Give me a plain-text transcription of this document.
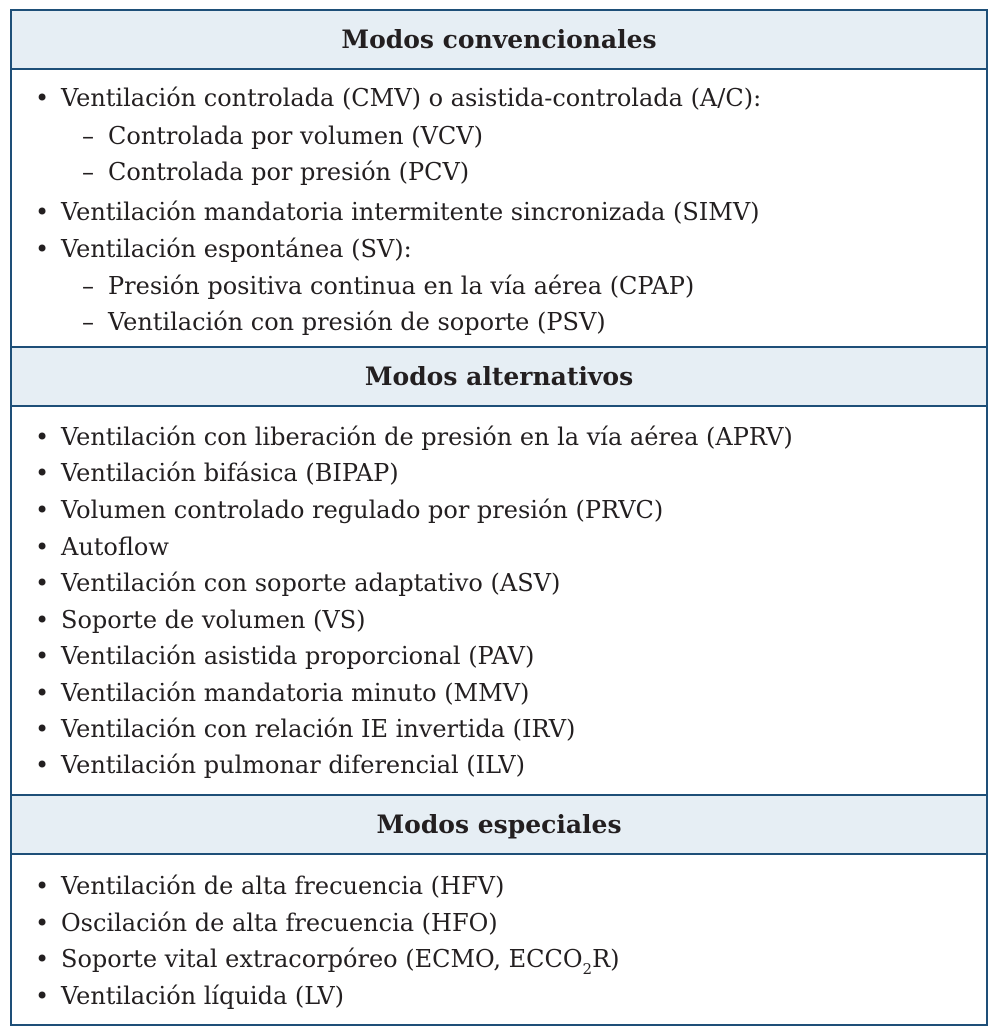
Modos convencionales
• Ventilación controlada (CMV) o asistida-controlada (A/C):
– Controlada por volumen (VCV)
– Controlada por presión (PCV)
• Ventilación mandatoria intermitente sincronizada (SIMV)
• Ventilación espontánea (SV):
– Presión positiva continua en la vía aérea (CPAP)
– Ventilación con presión de soporte (PSV)
Modos alternativos
• Ventilación con liberación de presión en la vía aérea (APRV)
• Ventilación bifásica (BIPAP)
• Volumen controlado regulado por presión (PRVC)
• Autoflow
• Ventilación con soporte adaptativo (ASV)
• Soporte de volumen (VS)
• Ventilación asistida proporcional (PAV)
• Ventilación mandatoria minuto (MMV)
• Ventilación con relación IE invertida (IRV)
• Ventilación pulmonar diferencial (ILV)
Modos especiales
• Ventilación de alta frecuencia (HFV)
• Oscilación de alta frecuencia (HFO)
• Soporte vital extracorpóreo (ECMO, $ECCO_2R$)
• Ventilación líquida (LV)
